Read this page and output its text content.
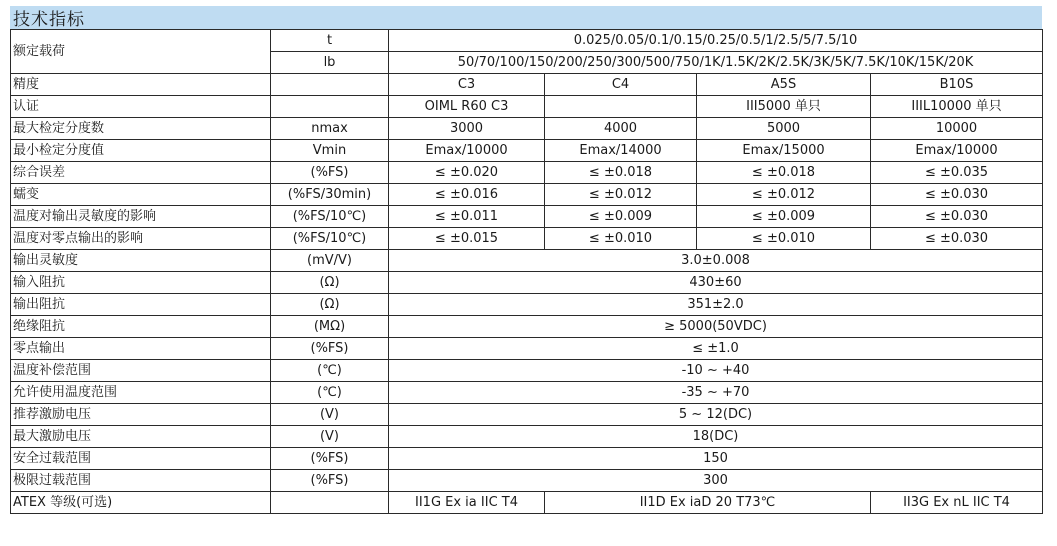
技术指标
额定载荷	t	0.025/0.05/0.1/0.15/0.25/0.5/1/2.5/5/7.5/10			
	lb	50/70/100/150/200/250/300/500/750/1K/1.5K/2K/2.5K/3K/5K/7.5K/10K/15K/20K			
精度		C3	C4	A5S	B10S
认证		OIML R60 C3		III5000 单只	IIIL10000 单只
最大检定分度数	nmax	3000	4000	5000	10000
最小检定分度值	Vmin	Emax/10000	Emax/14000	Emax/15000	Emax/10000
综合误差	(%FS)	≤ ±0.020	≤ ±0.018	≤ ±0.018	≤ ±0.035
蠕变	(%FS/30min)	≤ ±0.016	≤ ±0.012	≤ ±0.012	≤ ±0.030
温度对输出灵敏度的影响	(%FS/10℃)	≤ ±0.011	≤ ±0.009	≤ ±0.009	≤ ±0.030
温度对零点输出的影响	(%FS/10℃)	≤ ±0.015	≤ ±0.010	≤ ±0.010	≤ ±0.030
输出灵敏度	(mV/V)	3.0±0.008			
输入阻抗	(Ω)	430±60			
输出阻抗	(Ω)	351±2.0			
绝缘阻抗	(MΩ)	≥ 5000(50VDC)			
零点输出	(%FS)	≤ ±1.0			
温度补偿范围	(℃)	-10 ~ +40			
允许使用温度范围	(℃)	-35 ~ +70			
推荐激励电压	(V)	5 ~ 12(DC)			
最大激励电压	(V)	18(DC)			
安全过载范围	(%FS)	150			
极限过载范围	(%FS)	300			
ATEX 等级(可选)		II1G Ex ia IIC T4	II1D Ex iaD 20 T73℃		II3G Ex nL IIC T4
